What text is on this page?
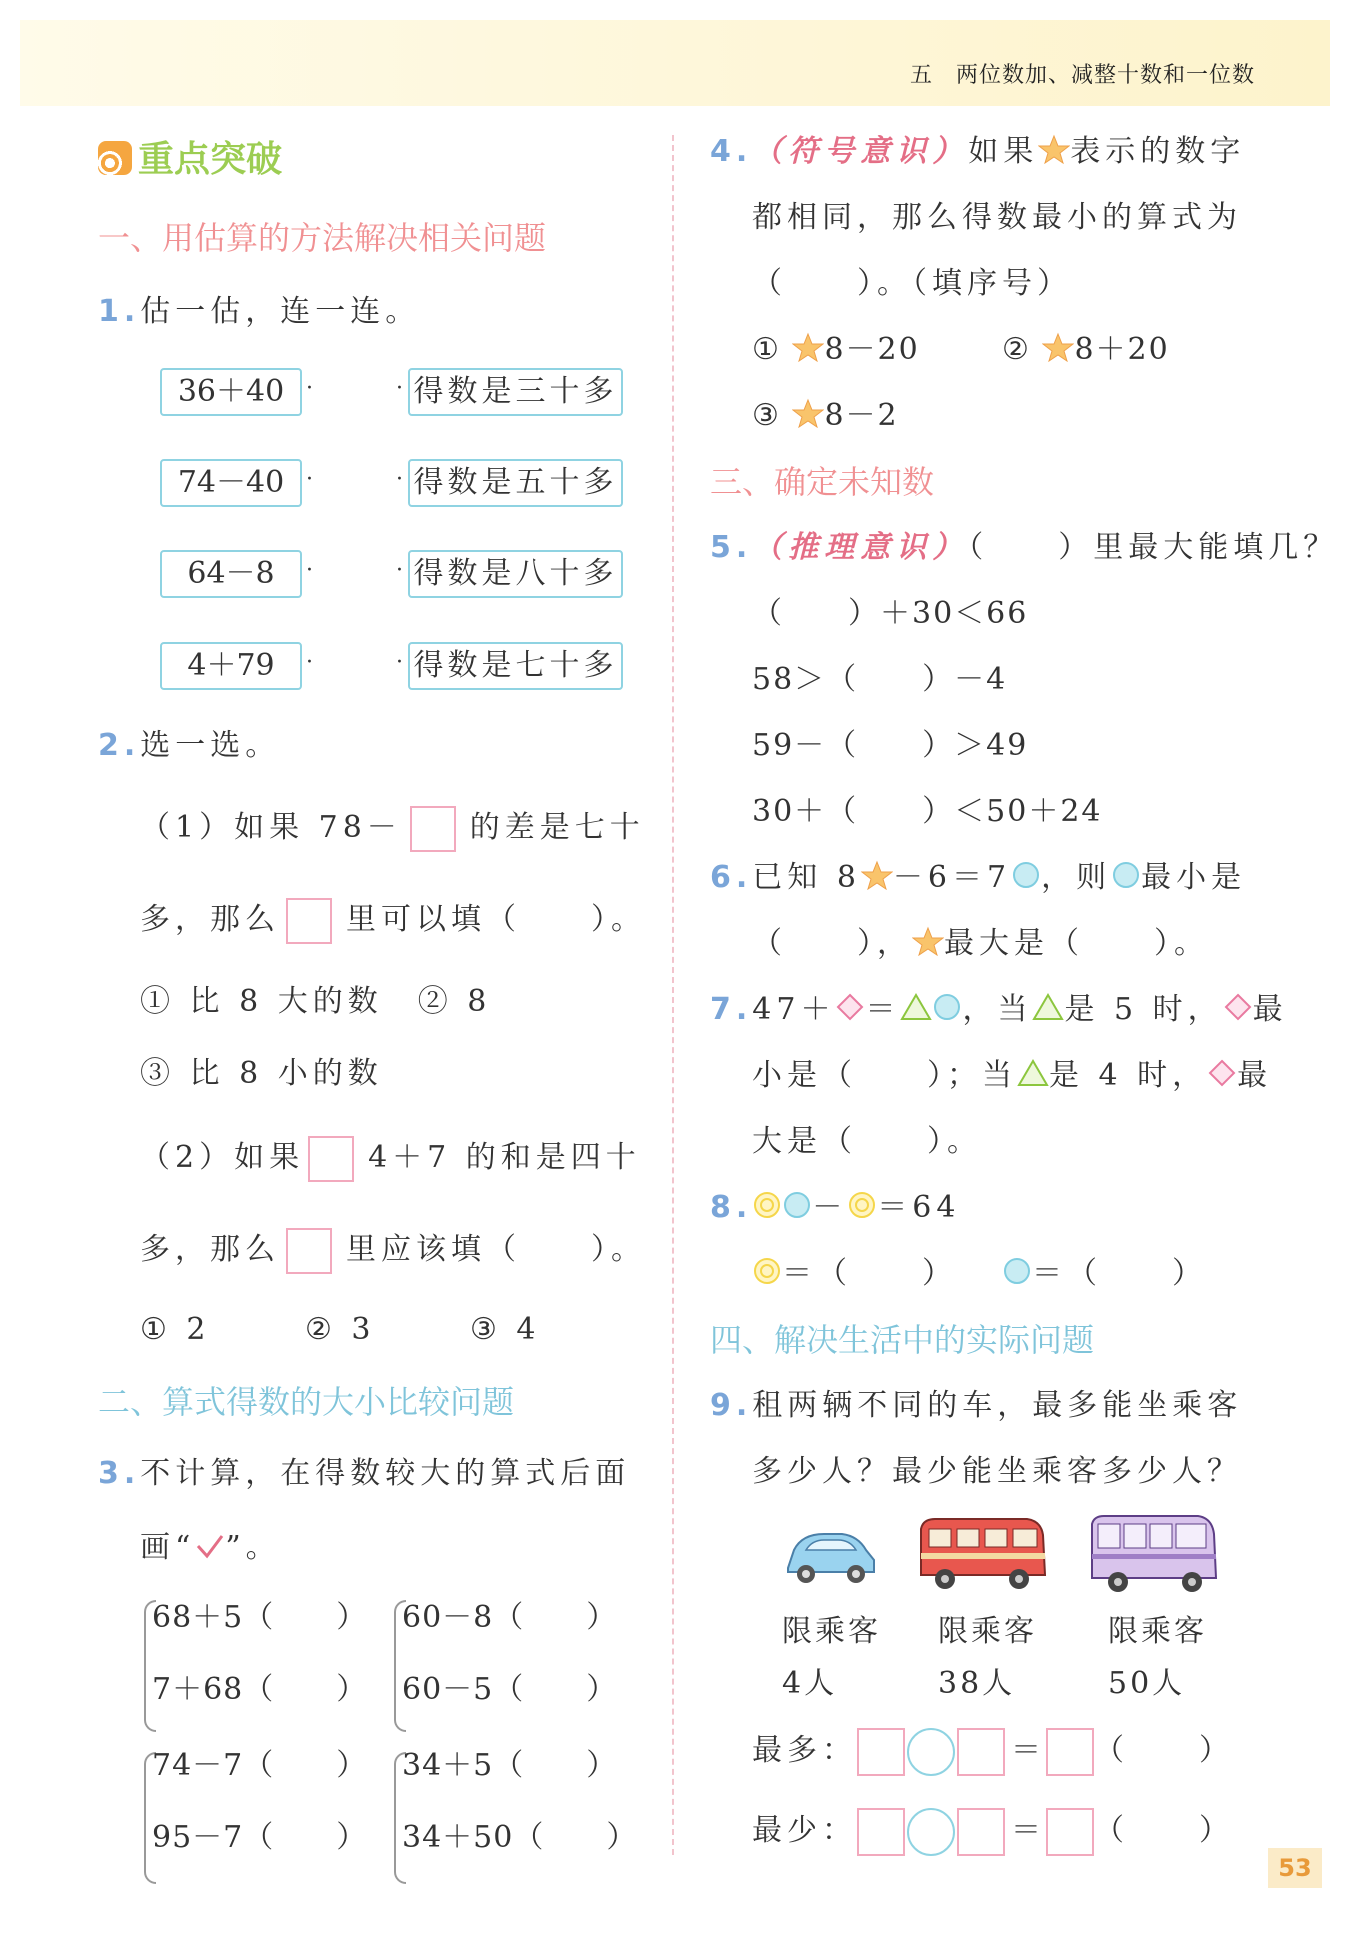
五　两位数加、减整十数和一位数
53
重点突破
一、用估算的方法解决相关问题
1.估一估，连一连。
36＋40
74－40
64－8
4＋79
·
·
·
·
·
·
·
·
得数是三十多
得数是五十多
得数是八十多
得数是七十多
2.选一选。
（1）如果 78－ 的差是七十
多，那么 里可以填（　　）。
① 比 8 大的数　② 8
③ 比 8 小的数
（2）如果 4＋7 的和是四十
多，那么 里应该填（　　）。
① 2	② 3	③ 4
二、算式得数的大小比较问题
3.不计算，在得数较大的算式后面
画“ ”。
68＋5（　　）
7＋68（　　）
60－8（　　）
60－5（　　）
74－7（　　）
95－7（　　）
34＋5（　　）
34＋50（　　）
4.（符号意识）如果 表示的数字
都相同，那么得数最小的算式为
（　　）。（填序号）
① 8－20	② 8＋20
③ 8－2
三、确定未知数
5.（推理意识）（　　）里最大能填几？
（　　）＋30＜66
58＞（　　）－4
59－（　　）＞49
30＋（　　）＜50＋24
6.已知 8 －6＝7 ，则 最小是
（　　）， 最大是（　　）。
7.47＋ ＝ ，当 是 5 时， 最
小是（　　）；当 是 4 时， 最
大是（　　）。
8. － ＝64
＝（　　）	＝（　　）
四、解决生活中的实际问题
9.租两辆不同的车，最多能坐乘客
多少人？最少能坐乘客多少人？
限乘客
4人
限乘客
38人
限乘客
50人
最多：	＝ （　　）
最少：	＝ （　　）
